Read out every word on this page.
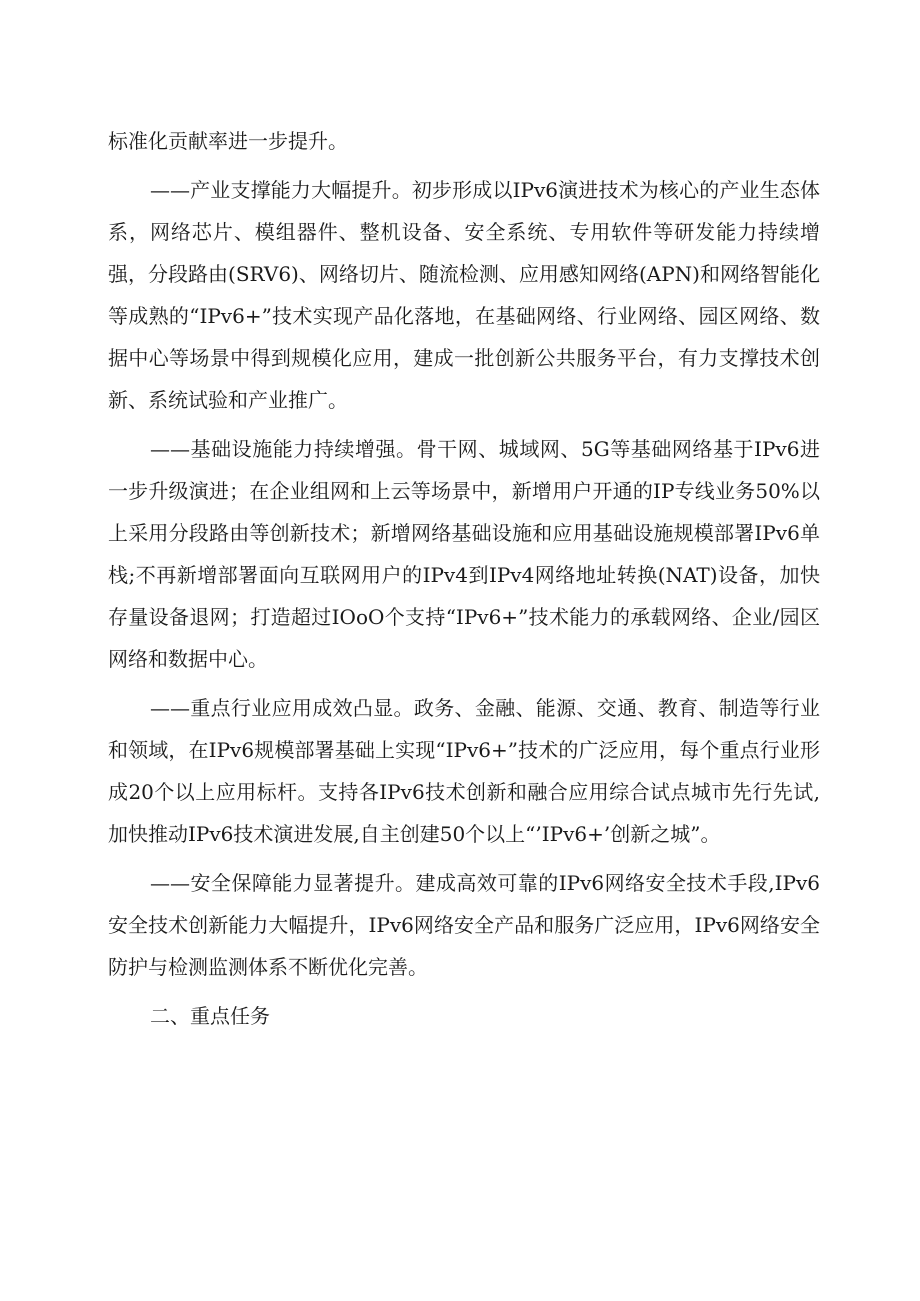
标准化贡献率进一步提升。

——产业支撑能力大幅提升。初步形成以IPv6演进技术为核心的产业生态体系，网络芯片、模组器件、整机设备、安全系统、专用软件等研发能力持续增强，分段路由(SRV6)、网络切片、随流检测、应用感知网络(APN)和网络智能化等成熟的“IPv6+”技术实现产品化落地，在基础网络、行业网络、园区网络、数据中心等场景中得到规模化应用，建成一批创新公共服务平台，有力支撑技术创新、系统试验和产业推广。

——基础设施能力持续增强。骨干网、城域网、5G等基础网络基于IPv6进一步升级演进；在企业组网和上云等场景中，新增用户开通的IP专线业务50%以上采用分段路由等创新技术；新增网络基础设施和应用基础设施规模部署IPv6单栈;不再新增部署面向互联网用户的IPv4到IPv4网络地址转换(NAT)设备，加快存量设备退网；打造超过IOoO个支持“IPv6+”技术能力的承载网络、企业/园区网络和数据中心。

——重点行业应用成效凸显。政务、金融、能源、交通、教育、制造等行业和领域，在IPv6规模部署基础上实现“IPv6+”技术的广泛应用，每个重点行业形成20个以上应用标杆。支持各IPv6技术创新和融合应用综合试点城市先行先试,加快推动IPv6技术演进发展,自主创建50个以上“’IPv6+’创新之城”。

——安全保障能力显著提升。建成高效可靠的IPv6网络安全技术手段,IPv6安全技术创新能力大幅提升，IPv6网络安全产品和服务广泛应用，IPv6网络安全防护与检测监测体系不断优化完善。

二、重点任务
